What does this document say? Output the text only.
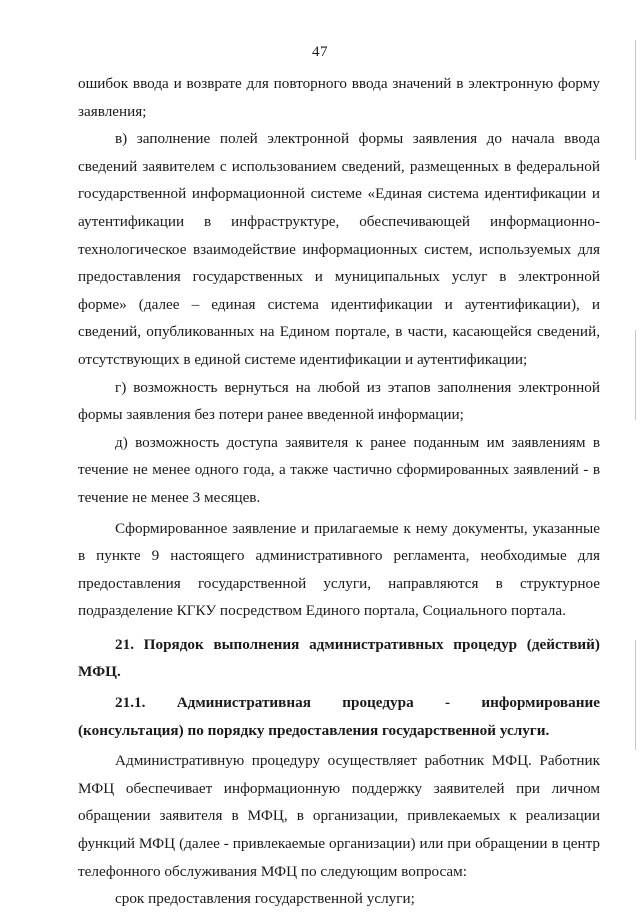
47

ошибок ввода и возврате для повторного ввода значений в электронную форму заявления;

в) заполнение полей электронной формы заявления до начала ввода сведений заявителем с использованием сведений, размещенных в федеральной государственной информационной системе «Единая система идентификации и аутентификации в инфраструктуре, обеспечивающей информационно-технологическое взаимодействие информационных систем, используемых для предоставления государственных и муниципальных услуг в электронной форме» (далее – единая система идентификации и аутентификации), и сведений, опубликованных на Едином портале, в части, касающейся сведений, отсутствующих в единой системе идентификации и аутентификации;

г) возможность вернуться на любой из этапов заполнения электронной формы заявления без потери ранее введенной информации;

д) возможность доступа заявителя к ранее поданным им заявлениям в течение не менее одного года, а также частично сформированных заявлений - в течение не менее 3 месяцев.

Сформированное заявление и прилагаемые к нему документы, указанные в пункте 9 настоящего административного регламента, необходимые для предоставления государственной услуги, направляются в структурное подразделение КГКУ посредством Единого портала, Социального портала.

21. Порядок выполнения административных процедур (действий) МФЦ.

21.1. Административная процедура - информирование

(консультация) по порядку предоставления государственной услуги.

Административную процедуру осуществляет работник МФЦ. Работник МФЦ обеспечивает информационную поддержку заявителей при личном обращении заявителя в МФЦ, в организации, привлекаемых к реализации функций МФЦ (далее - привлекаемые организации) или при обращении в центр телефонного обслуживания МФЦ по следующим вопросам:

срок предоставления государственной услуги;
